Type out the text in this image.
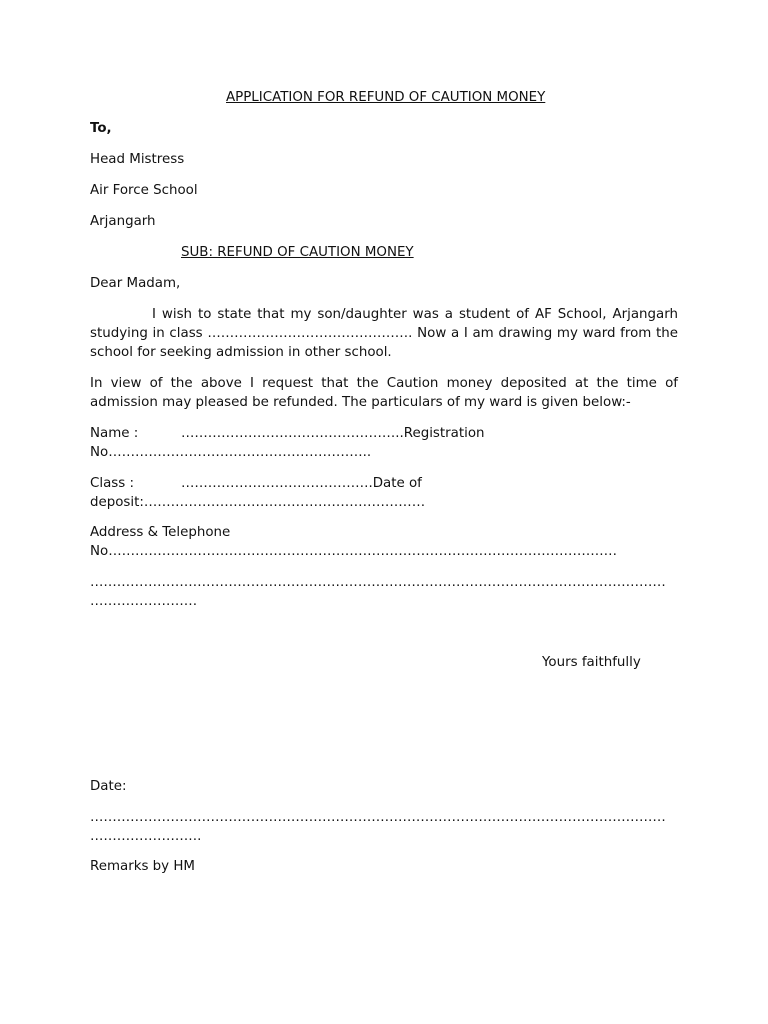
APPLICATION FOR REFUND OF CAUTION MONEY
To,
Head Mistress
Air Force School
Arjangarh
SUB: REFUND OF CAUTION MONEY
Dear Madam,
I wish to state that my son/daughter was a student of AF School, Arjangarh
studying in class ………………………………………. Now a I am drawing my ward from the
school for seeking admission in other school.
In view of the above I request that the Caution money deposited at the time of
admission may pleased be refunded. The particulars of my ward is given below:-
Name :	…………………………………………..Registration
No…………………………………………………..
Class :	…………………………………….Date of
deposit:………………………………………………………
Address & Telephone
No……………………………………………………………………………………………………
…………………………………………………………………………………………………………………
……………………
Yours faithfully
Date:
…………………………………………………………………………………………………………………
…………………….
Remarks by HM
